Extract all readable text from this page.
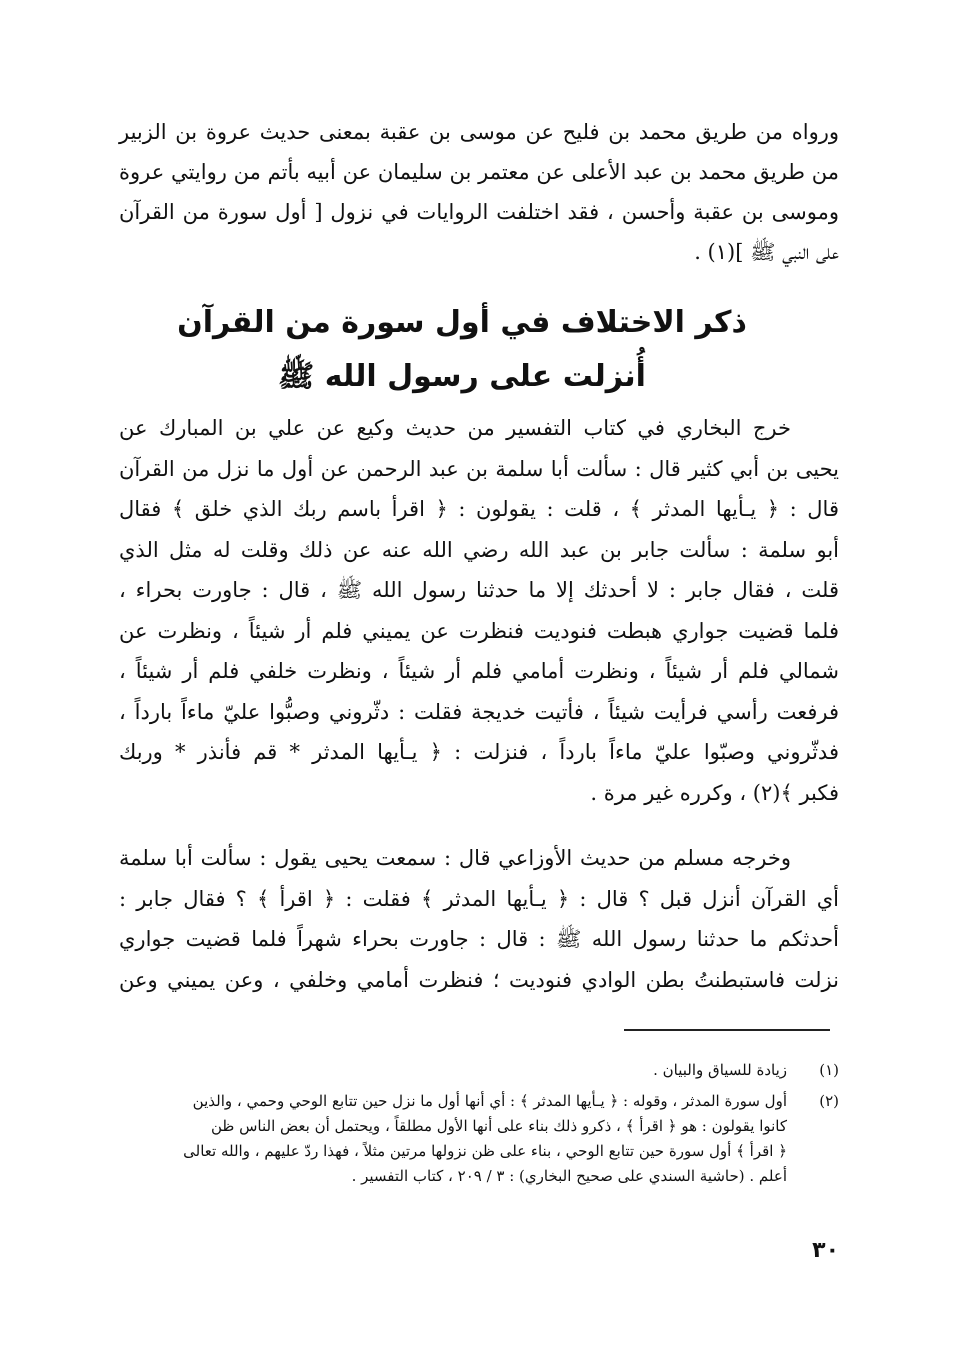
ورواه من طريق محمد بن فليح عن موسى بن عقبة بمعنى حديث عروة بن الزبير
من طريق محمد بن عبد الأعلى عن معتمر بن سليمان عن أبيه بأتم من روايتي عروة
وموسى بن عقبة وأحسن ، فقد اختلفت الروايات في نزول [ أول سورة من القرآن
على النبي ﷺ ](١) .
ذكر الاختلاف في أول سورة من القرآن
أُنزلت على رسول الله ﷺ
خرج البخاري في كتاب التفسير من حديث وكيع عن علي بن المبارك عن
يحيى بن أبي كثير قال : سألت أبا سلمة بن عبد الرحمن عن أول ما نزل من القرآن
قال : ﴿ يـأيها المدثر ﴾ ، قلت : يقولون : ﴿ اقرأ باسم ربك الذي خلق ﴾ فقال
أبو سلمة : سألت جابر بن عبد الله رضي الله عنه عن ذلك وقلت له مثل الذي
قلت ، فقال جابر : لا أحدثك إلا ما حدثنا رسول الله ﷺ ، قال : جاورت بحراء ،
فلما قضيت جواري هبطت فنوديت فنظرت عن يميني فلم أر شيئاً ، ونظرت عن
شمالي فلم أر شيئاً ، ونظرت أمامي فلم أر شيئاً ، ونظرت خلفي فلم أر شيئاً ،
فرفعت رأسي فرأيت شيئاً ، فأتيت خديجة فقلت : دثّروني وصبُّوا عليّ ماءاً بارداً ،
فدثّروني وصبّوا عليّ ماءاً بارداً ، فنزلت : ﴿ يـأيها المدثر * قم فأنذر * وربك
فكبر ﴾(٢) ، وكرره غير مرة .
وخرجه مسلم من حديث الأوزاعي قال : سمعت يحيى يقول : سألت أبا سلمة
أي القرآن أنزل قبل ؟ قال : ﴿ يـأيها المدثر ﴾ فقلت : ﴿ اقرأ ﴾ ؟ فقال جابر :
أحدثكم ما حدثنا رسول الله ﷺ : قال : جاورت بحراء شهراً فلما قضيت جواري
نزلت فاستبطنتُ بطن الوادي فنوديت ؛ فنظرت أمامي وخلفي ، وعن يميني وعن
(١)
زيادة للسياق والبيان .
(٢)
أول سورة المدثر ، وقوله : ﴿ يـأيها المدثر ﴾ : أي أنها أول ما نزل حين تتابع الوحي وحمي ، والذين
كانوا يقولون : هو ﴿ اقرأ ﴾ ، ذكرو ذلك بناء على أنها الأول مطلقاً ، ويحتمل أن بعض الناس ظن
﴿ اقرأ ﴾ أول سورة حين تتابع الوحي ، بناء على ظن نزولها مرتين مثلاً ، فهذا ردّ عليهم ، والله تعالى
أعلم . (حاشية السندي على صحيح البخاري) : ٣ / ٢٠٩ ، كتاب التفسير .
٣٠
